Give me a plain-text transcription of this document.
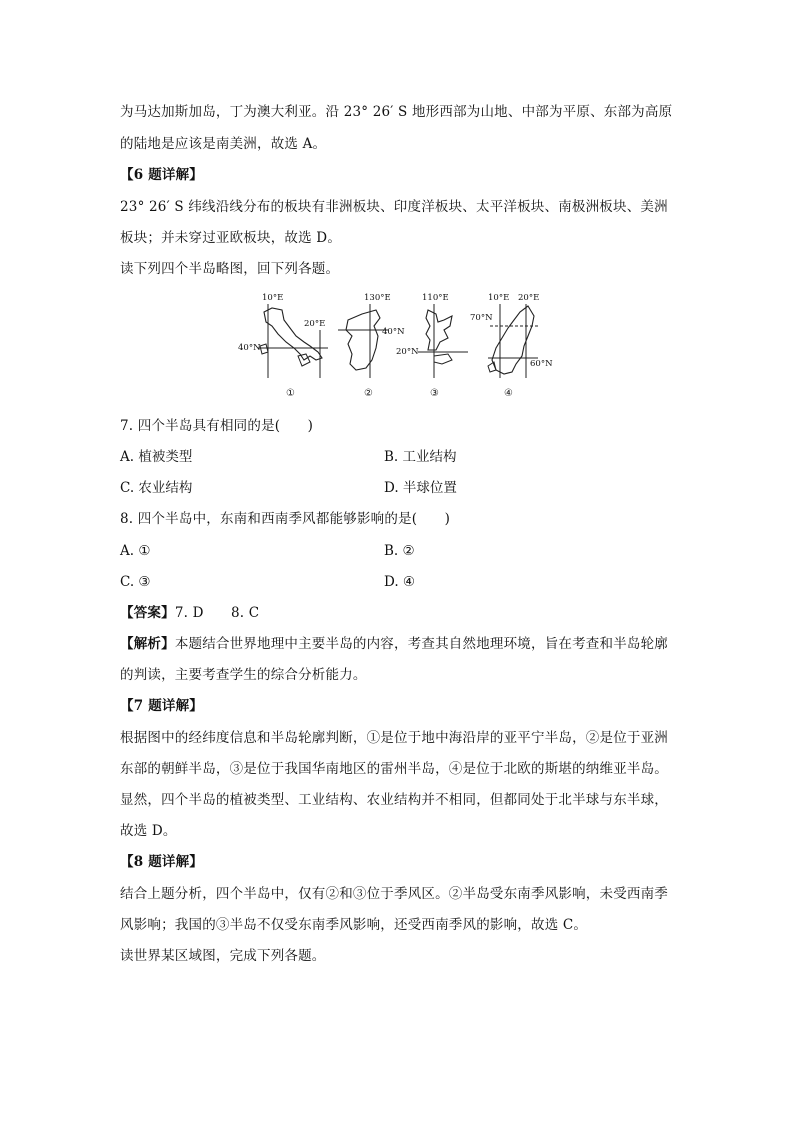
为马达加斯加岛，丁为澳大利亚。沿 23° 26′ S 地形西部为山地、中部为平原、东部为高原
的陆地是应该是南美洲，故选 A。
【6 题详解】
23° 26′ S 纬线沿线分布的板块有非洲板块、印度洋板块、太平洋板块、南极洲板块、美洲
板块；并未穿过亚欧板块，故选 D。
读下列四个半岛略图，回下列各题。
10°E
20°E
40°N
①
130°E
40°N
②
110°E
20°N
③
10°E 20°E
70°N
60°N
④
7. 四个半岛具有相同的是(　　)
A. 植被类型	B. 工业结构
C. 农业结构	D. 半球位置
8. 四个半岛中，东南和西南季风都能够影响的是(　　)
A. ①	B. ②
C. ③	D. ④
【答案】7. D　　8. C
【解析】本题结合世界地理中主要半岛的内容，考查其自然地理环境，旨在考查和半岛轮廓
的判读，主要考查学生的综合分析能力。
【7 题详解】
根据图中的经纬度信息和半岛轮廓判断，①是位于地中海沿岸的亚平宁半岛，②是位于亚洲
东部的朝鲜半岛，③是位于我国华南地区的雷州半岛，④是位于北欧的斯堪的纳维亚半岛。
显然，四个半岛的植被类型、工业结构、农业结构并不相同，但都同处于北半球与东半球，
故选 D。
【8 题详解】
结合上题分析，四个半岛中，仅有②和③位于季风区。②半岛受东南季风影响，未受西南季
风影响；我国的③半岛不仅受东南季风影响，还受西南季风的影响，故选 C。
读世界某区域图，完成下列各题。
